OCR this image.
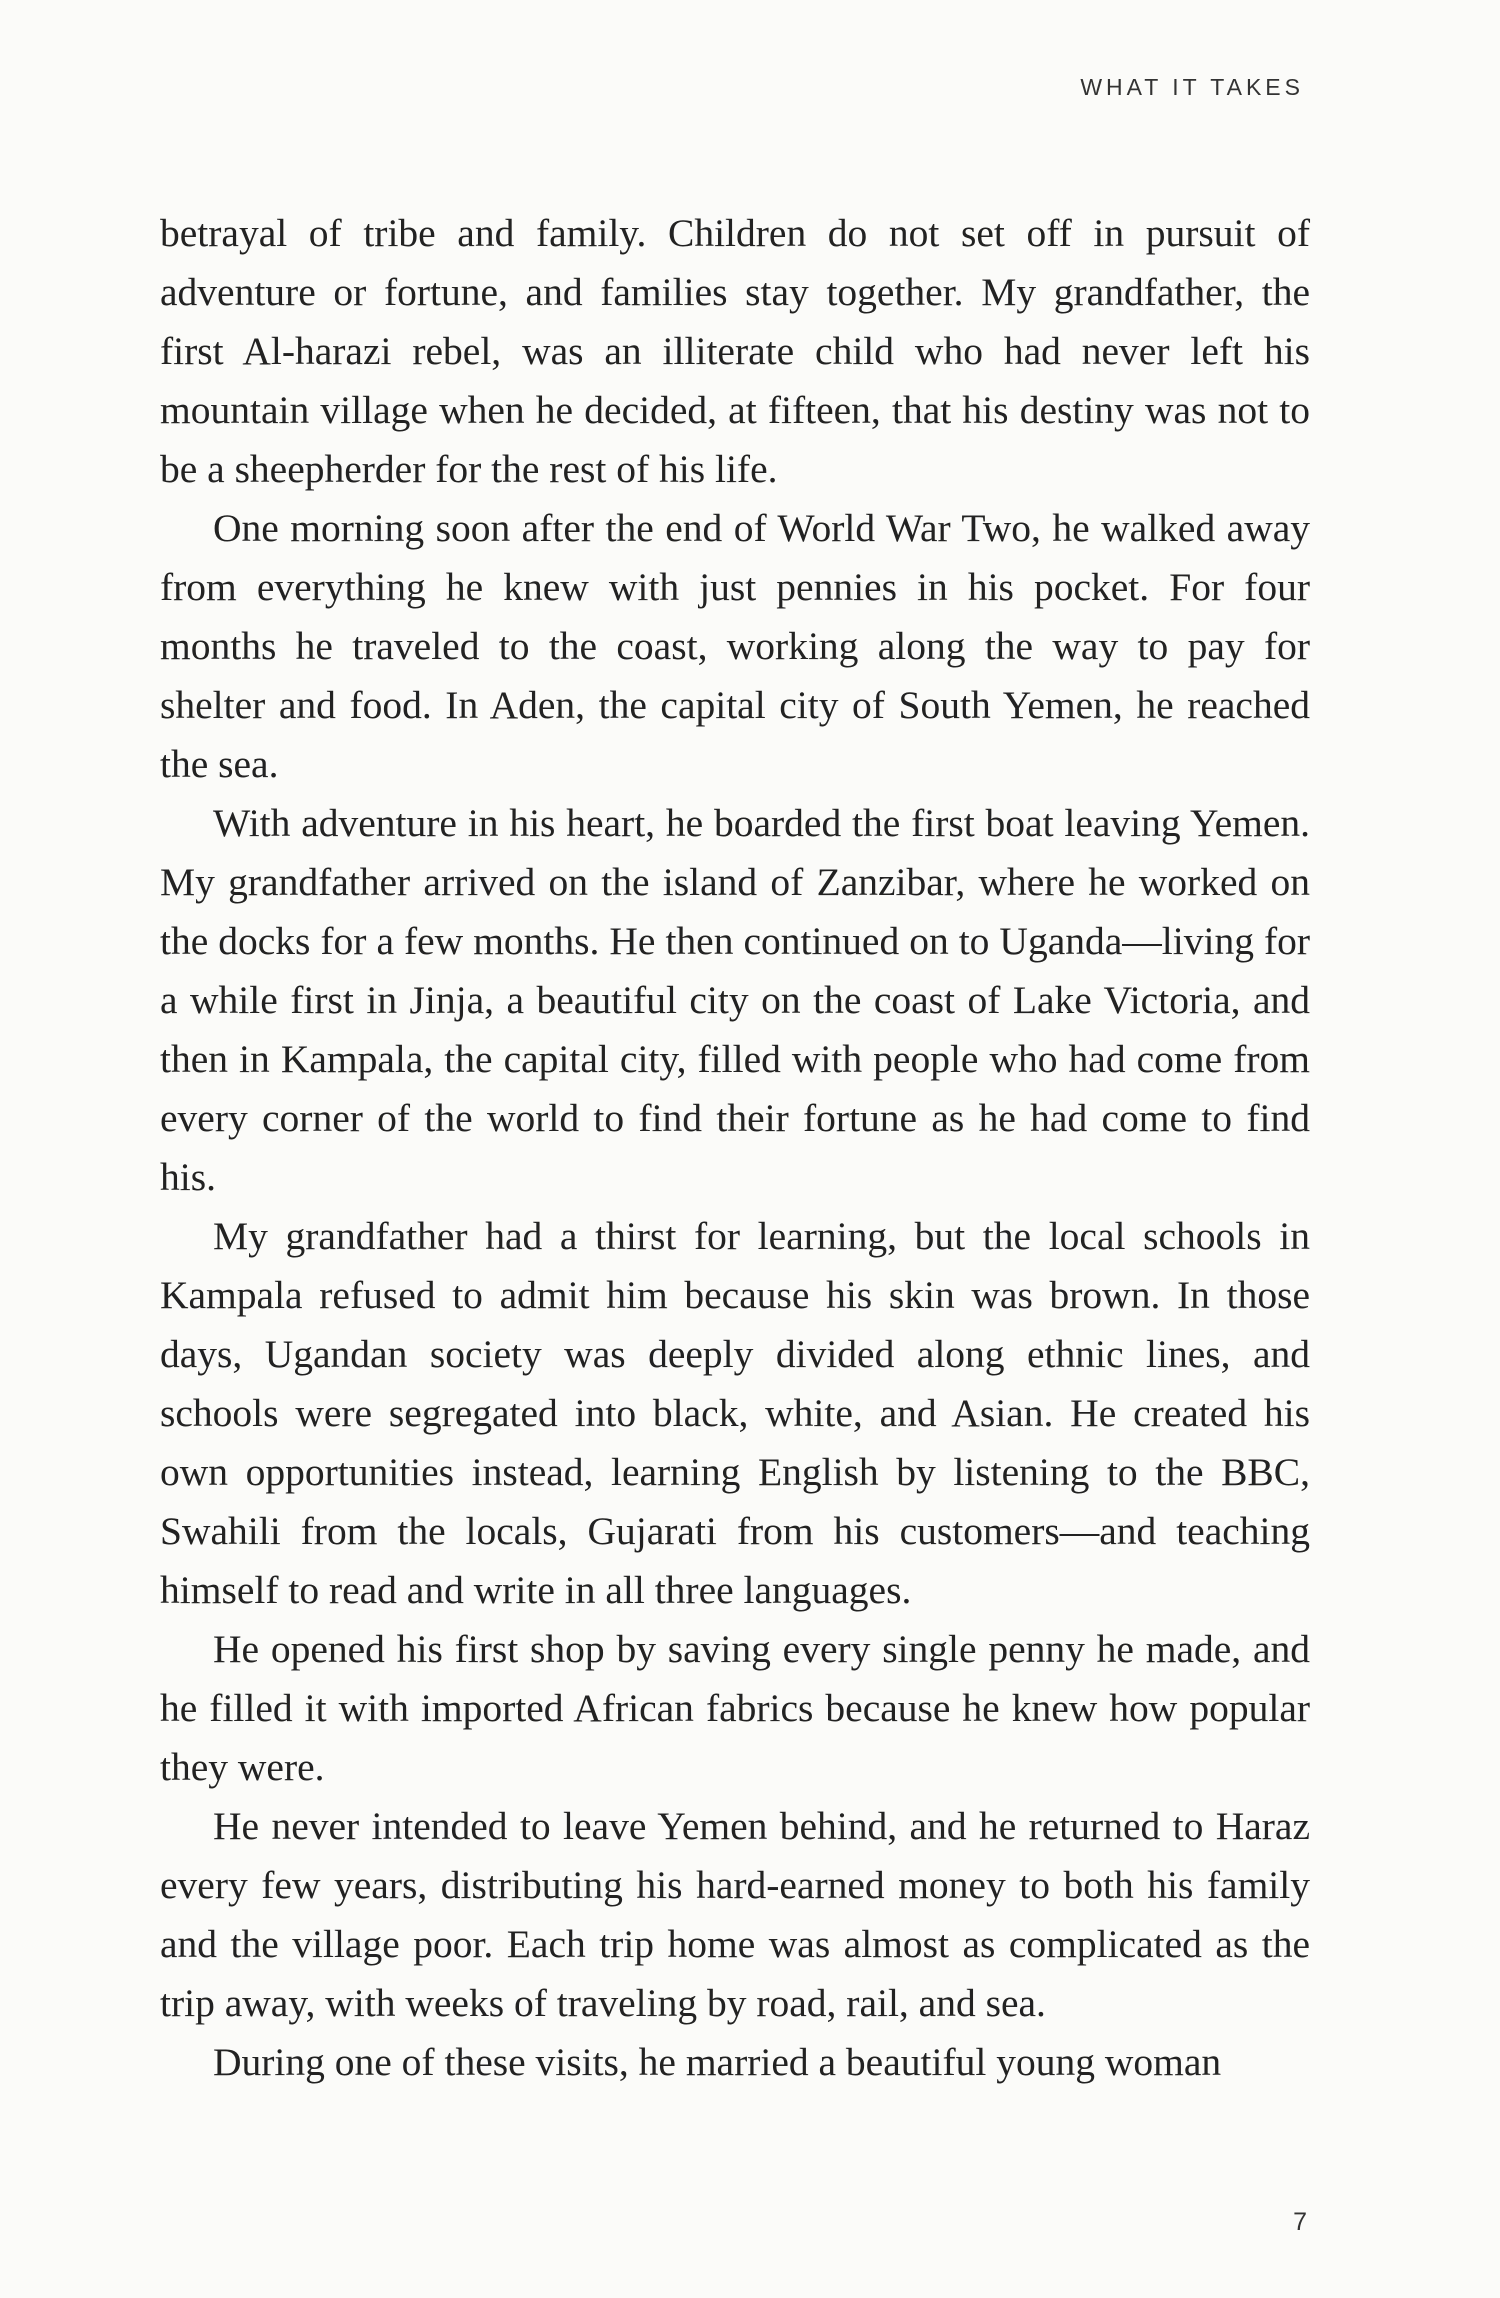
WHAT IT TAKES

betrayal of tribe and family. Children do not set off in pursuit of adventure or fortune, and families stay together. My grandfather, the first Al-harazi rebel, was an illiterate child who had never left his mountain village when he decided, at fifteen, that his destiny was not to be a sheepherder for the rest of his life.

One morning soon after the end of World War Two, he walked away from everything he knew with just pennies in his pocket. For four months he traveled to the coast, working along the way to pay for shelter and food. In Aden, the capital city of South Yemen, he reached the sea.

With adventure in his heart, he boarded the first boat leaving Yemen. My grandfather arrived on the island of Zanzibar, where he worked on the docks for a few months. He then continued on to Uganda—living for a while first in Jinja, a beautiful city on the coast of Lake Victoria, and then in Kampala, the capital city, filled with people who had come from every corner of the world to find their fortune as he had come to find his.

My grandfather had a thirst for learning, but the local schools in Kampala refused to admit him because his skin was brown. In those days, Ugandan society was deeply divided along ethnic lines, and schools were segregated into black, white, and Asian. He created his own opportunities instead, learning English by listening to the BBC, Swahili from the locals, Gujarati from his customers—and teaching himself to read and write in all three languages.

He opened his first shop by saving every single penny he made, and he filled it with imported African fabrics because he knew how popular they were.

He never intended to leave Yemen behind, and he returned to Haraz every few years, distributing his hard-earned money to both his family and the village poor. Each trip home was almost as complicated as the trip away, with weeks of traveling by road, rail, and sea.

During one of these visits, he married a beautiful young woman

7
